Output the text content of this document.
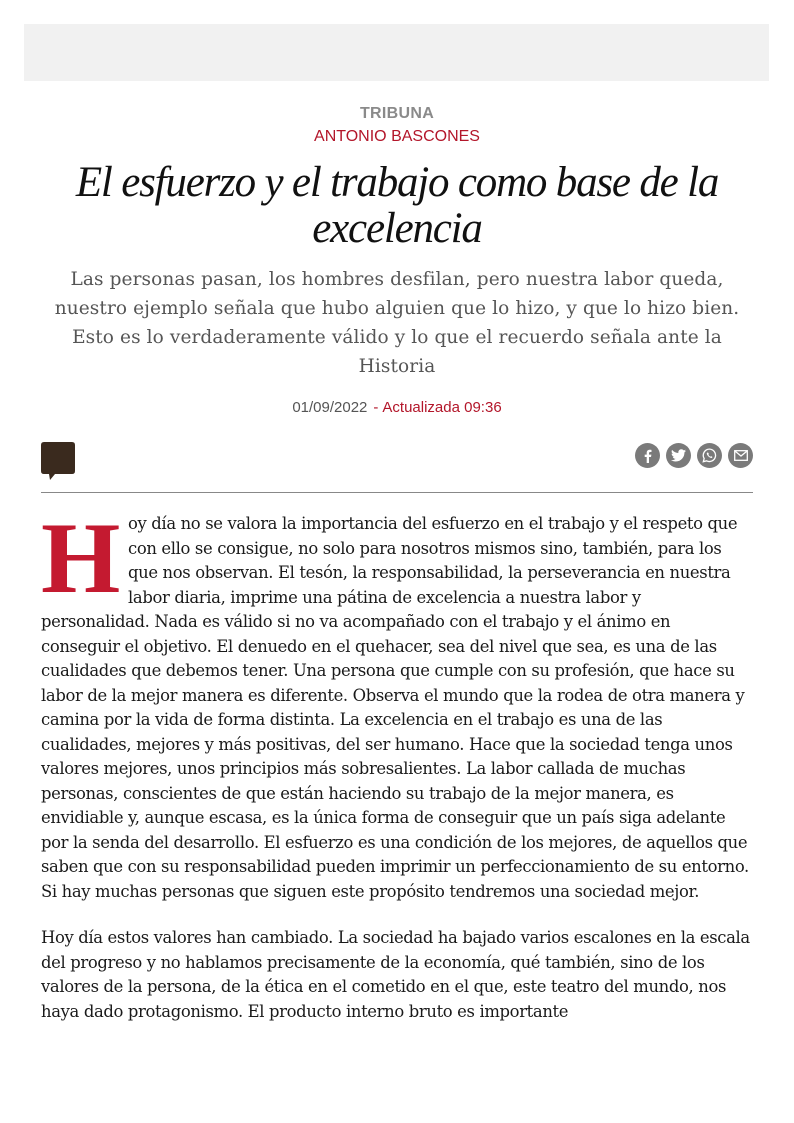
TRIBUNA
ANTONIO BASCONES
El esfuerzo y el trabajo como base de la excelencia

Las personas pasan, los hombres desfilan, pero nuestra labor queda, nuestro ejemplo señala que hubo alguien que lo hizo, y que lo hizo bien. Esto es lo verdaderamente válido y lo que el recuerdo señala ante la Historia

01/09/2022 - Actualizada 09:36

Hoy día no se valora la importancia del esfuerzo en el trabajo y el respeto que con ello se consigue, no solo para nosotros mismos sino, también, para los que nos observan. El tesón, la responsabilidad, la perseverancia en nuestra labor diaria, imprime una pátina de excelencia a nuestra labor y personalidad. Nada es válido si no va acompañado con el trabajo y el ánimo en conseguir el objetivo. El denuedo en el quehacer, sea del nivel que sea, es una de las cualidades que debemos tener. Una persona que cumple con su profesión, que hace su labor de la mejor manera es diferente. Observa el mundo que la rodea de otra manera y camina por la vida de forma distinta. La excelencia en el trabajo es una de las cualidades, mejores y más positivas, del ser humano. Hace que la sociedad tenga unos valores mejores, unos principios más sobresalientes. La labor callada de muchas personas, conscientes de que están haciendo su trabajo de la mejor manera, es envidiable y, aunque escasa, es la única forma de conseguir que un país siga adelante por la senda del desarrollo. El esfuerzo es una condición de los mejores, de aquellos que saben que con su responsabilidad pueden imprimir un perfeccionamiento de su entorno. Si hay muchas personas que siguen este propósito tendremos una sociedad mejor.

Hoy día estos valores han cambiado. La sociedad ha bajado varios escalones en la escala del progreso y no hablamos precisamente de la economía, qué también, sino de los valores de la persona, de la ética en el cometido en el que, este teatro del mundo, nos haya dado protagonismo. El producto interno bruto es importante
